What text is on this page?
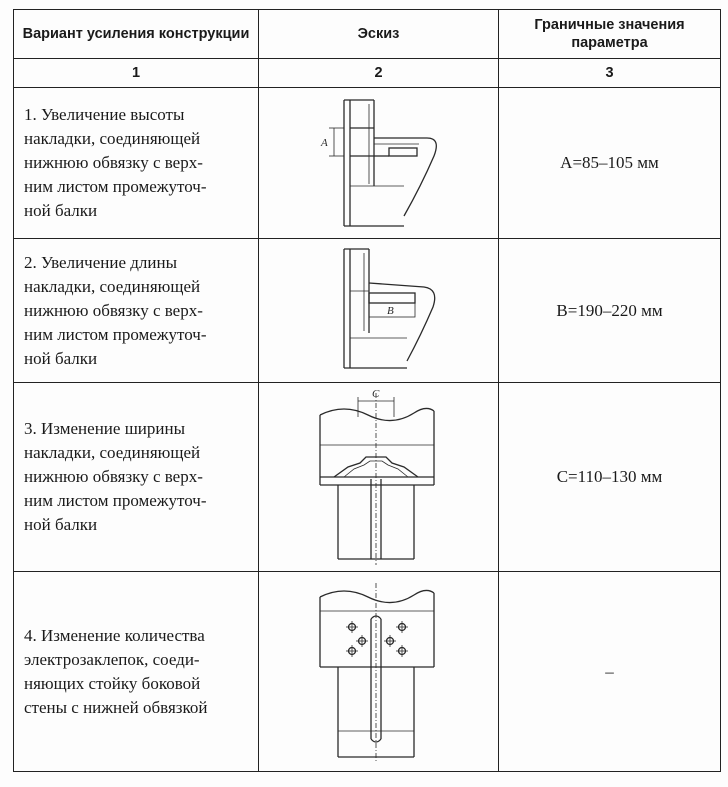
Вариант усиления конструкции	Эскиз	Граничные значения параметра
1	2	3

1. Увеличение высоты
накладки, соединяющей
нижнюю обвязку с верх-
ним листом промежуточ-
ной балки	A	A=85–105 мм

2. Увеличение длины
накладки, соединяющей
нижнюю обвязку с верх-
ним листом промежуточ-
ной балки	B	B=190–220 мм

3. Изменение ширины
накладки, соединяющей
нижнюю обвязку с верх-
ним листом промежуточ-
ной балки	C	C=110–130 мм

4. Изменение количества
электрозаклепок, соеди-
няющих стойку боковой
стены с нижней обвязкой		–
